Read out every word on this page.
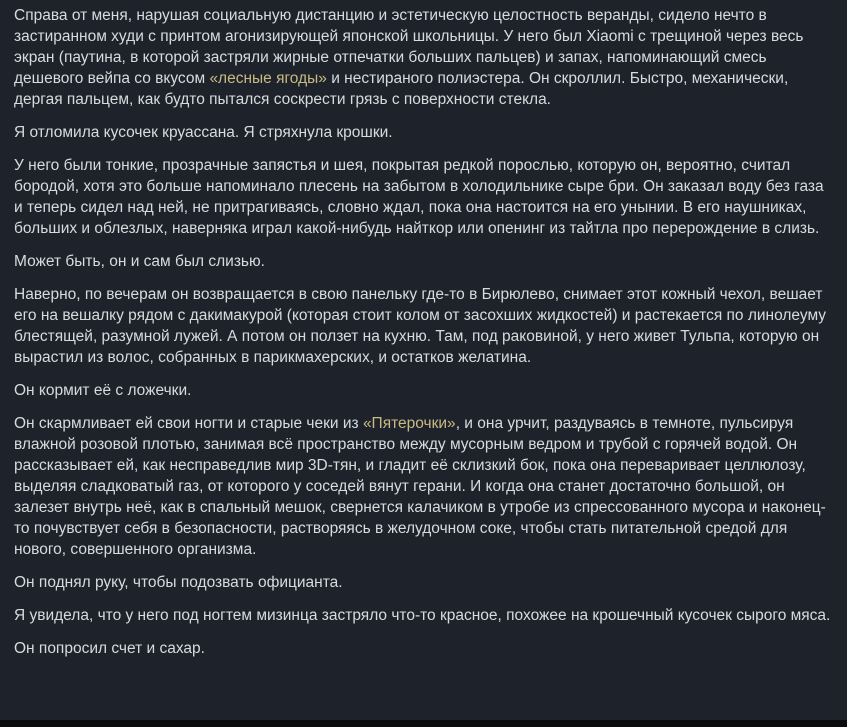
Справа от меня, нарушая социальную дистанцию и эстетическую целостность веранды, сидело нечто в застиранном худи с принтом агонизирующей японской школьницы. У него был Xiaomi с трещиной через весь экран (паутина, в которой застряли жирные отпечатки больших пальцев) и запах, напоминающий смесь дешевого вейпа со вкусом «лесные ягоды» и нестираного полиэстера. Он скроллил. Быстро, механически, дергая пальцем, как будто пытался соскрести грязь с поверхности стекла.

Я отломила кусочек круассана. Я стряхнула крошки.

У него были тонкие, прозрачные запястья и шея, покрытая редкой порослью, которую он, вероятно, считал бородой, хотя это больше напоминало плесень на забытом в холодильнике сыре бри. Он заказал воду без газа и теперь сидел над ней, не притрагиваясь, словно ждал, пока она настоится на его унынии. В его наушниках, больших и облезлых, наверняка играл какой-нибудь найткор или опенинг из тайтла про перерождение в слизь.

Может быть, он и сам был слизью.

Наверно, по вечерам он возвращается в свою панельку где-то в Бирюлево, снимает этот кожный чехол, вешает его на вешалку рядом с дакимакурой (которая стоит колом от засохших жидкостей) и растекается по линолеуму блестящей, разумной лужей. А потом он ползет на кухню. Там, под раковиной, у него живет Тульпа, которую он вырастил из волос, собранных в парикмахерских, и остатков желатина.

Он кормит её с ложечки.

Он скармливает ей свои ногти и старые чеки из «Пятерочки», и она урчит, раздуваясь в темноте, пульсируя влажной розовой плотью, занимая всё пространство между мусорным ведром и трубой с горячей водой. Он рассказывает ей, как несправедлив мир 3D-тян, и гладит её склизкий бок, пока она переваривает целлюлозу, выделяя сладковатый газ, от которого у соседей вянут герани. И когда она станет достаточно большой, он залезет внутрь неё, как в спальный мешок, свернется калачиком в утробе из спрессованного мусора и наконец-то почувствует себя в безопасности, растворяясь в желудочном соке, чтобы стать питательной средой для нового, совершенного организма.

Он поднял руку, чтобы подозвать официанта.

Я увидела, что у него под ногтем мизинца застряло что-то красное, похожее на крошечный кусочек сырого мяса.

Он попросил счет и сахар.
